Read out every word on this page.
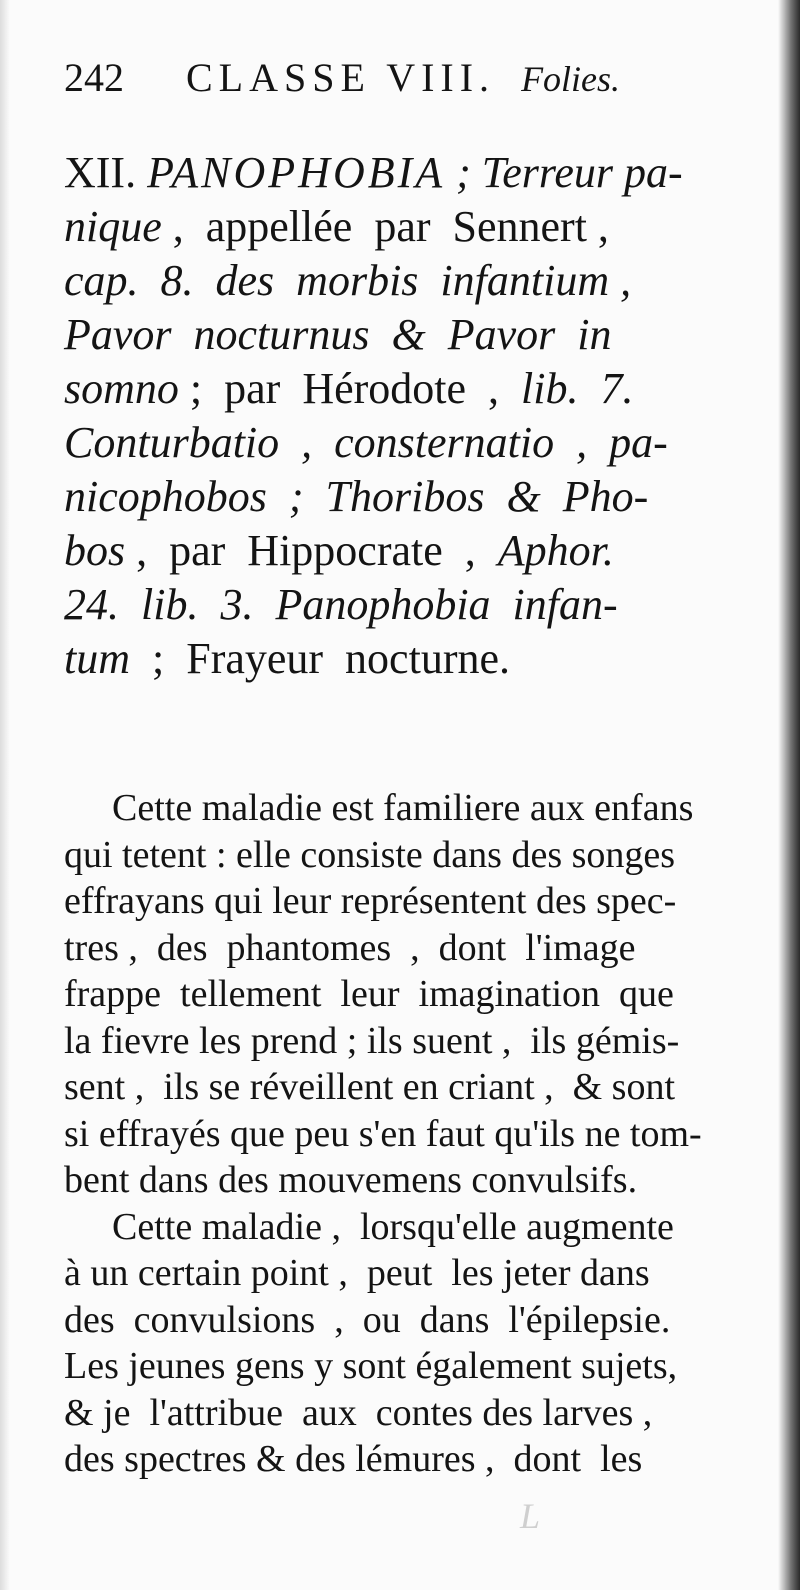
242 CLASSE VIII. Folies.
XII. PANOPHOBIA ; Terreur pa-
nique ,  appellée  par  Sennert ,
cap.  8.  des  morbis  infantium ,
Pavor  nocturnus  &  Pavor  in
somno ;  par  Hérodote  ,  lib.  7.
Conturbatio  ,  consternatio  ,  pa-
nicophobos  ;  Thoribos  &  Pho-
bos ,  par  Hippocrate  ,  Aphor.
24.  lib.  3.  Panophobia  infan-
tum  ;  Frayeur  nocturne.
Cette maladie est familiere aux enfans
qui tetent : elle consiste dans des songes
effrayans qui leur représentent des spec-
tres ,  des  phantomes  ,  dont  l'image
frappe  tellement  leur  imagination  que
la fievre les prend ; ils suent ,  ils gémis-
sent ,  ils se réveillent en criant ,  & sont
si effrayés que peu s'en faut qu'ils ne tom-
bent dans des mouvemens convulsifs.
Cette maladie ,  lorsqu'elle augmente
à un certain point ,  peut  les jeter dans
des  convulsions  ,  ou  dans  l'épilepsie.
Les jeunes gens y sont également sujets,
& je  l'attribue  aux  contes des larves ,
des spectres & des lémures ,  dont  les
L
